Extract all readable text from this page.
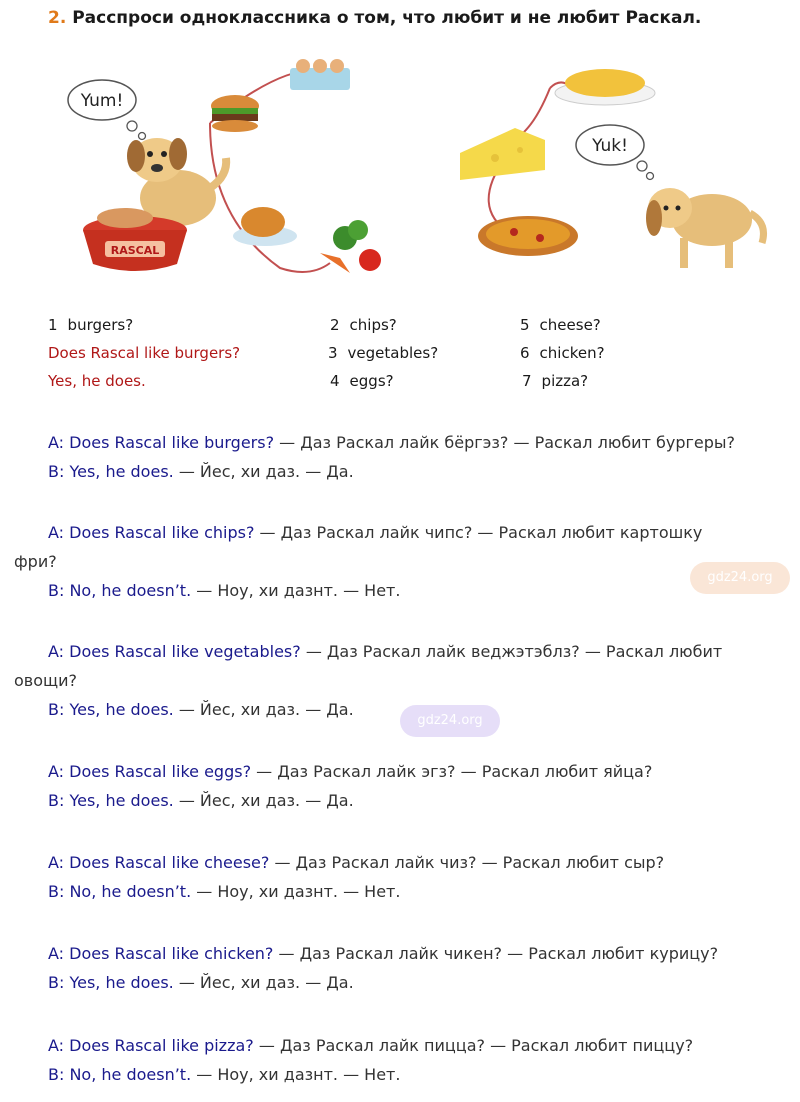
2. Расспроси одноклассника о том, что любит и не любит Раскал.
Yum!
RASCAL
Yuk!
1 burgers?	2 chips?	5 cheese?
Does Rascal like burgers?	3 vegetables?	6 chicken?
Yes, he does.	4 eggs?	7 pizza?
A: Does Rascal like burgers? — Даз Раскал лайк бёргэз? — Раскал любит бургеры?
B: Yes, he does. — Йес, хи даз. — Да.
A: Does Rascal like chips? — Даз Раскал лайк чипс? — Раскал любит картошку
фри?
B: No, he doesn’t. — Ноу, хи дазнт. — Нет.
A: Does Rascal like vegetables? — Даз Раскал лайк веджэтэблз? — Раскал любит
овощи?
B: Yes, he does. — Йес, хи даз. — Да.
A: Does Rascal like eggs? — Даз Раскал лайк эгз? — Раскал любит яйца?
B: Yes, he does. — Йес, хи даз. — Да.
A: Does Rascal like cheese? — Даз Раскал лайк чиз? — Раскал любит сыр?
B: No, he doesn’t. — Ноу, хи дазнт. — Нет.
A: Does Rascal like chicken? — Даз Раскал лайк чикен? — Раскал любит курицу?
B: Yes, he does. — Йес, хи даз. — Да.
A: Does Rascal like pizza? — Даз Раскал лайк пицца? — Раскал любит пиццу?
B: No, he doesn’t. — Ноу, хи дазнт. — Нет.
gdz24.org
gdz24.org
